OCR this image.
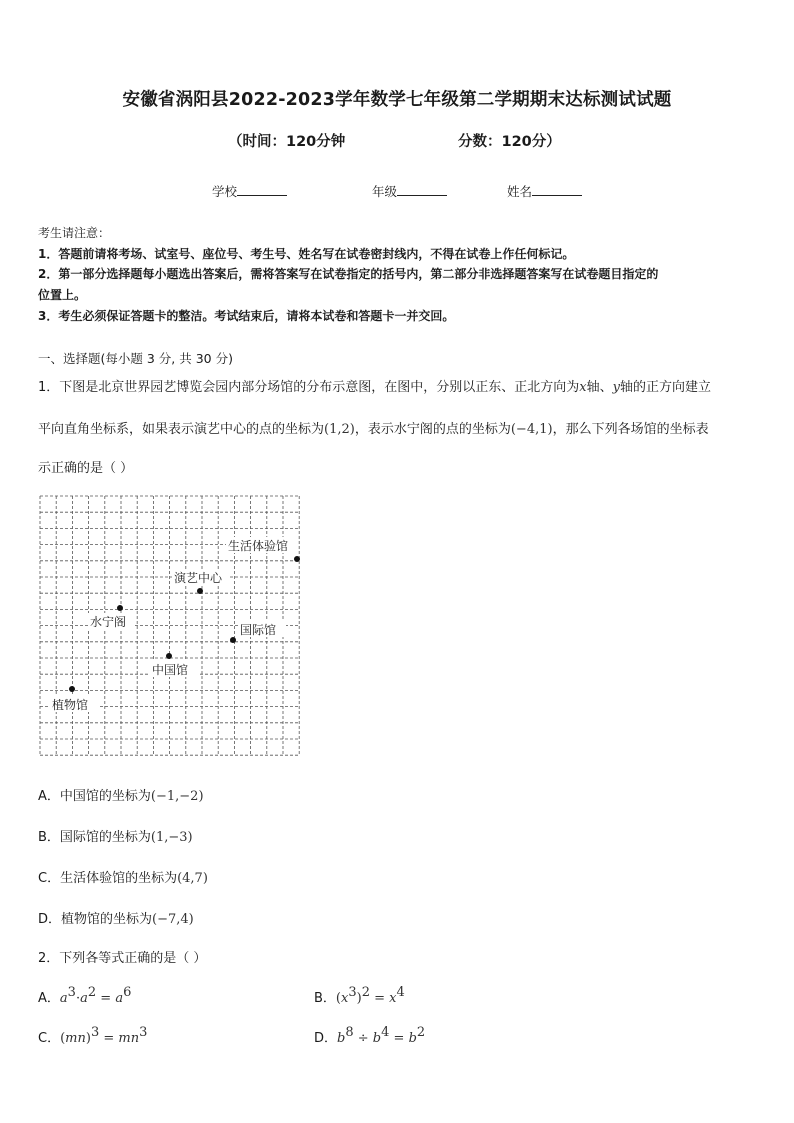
安徽省涡阳县2022-2023学年数学七年级第二学期期末达标测试试题
（时间：120分钟	分数：120分）
学校	年级	姓名
考生请注意：
1．答题前请将考场、试室号、座位号、考生号、姓名写在试卷密封线内，不得在试卷上作任何标记。
2．第一部分选择题每小题选出答案后，需将答案写在试卷指定的括号内，第二部分非选择题答案写在试卷题目指定的
位置上。
3．考生必须保证答题卡的整洁。考试结束后，请将本试卷和答题卡一并交回。
一、选择题(每小题 3 分, 共 30 分)
1．下图是北京世界园艺博览会园内部分场馆的分布示意图，在图中，分别以正东、正北方向为x轴、y轴的正方向建立
平向直角坐标系，如果表示演艺中心的点的坐标为(1,2)，表示水宁阁的点的坐标为(−4,1)，那么下列各场馆的坐标表
示正确的是（ ）
生活体验馆
演艺中心
水宁阁
国际馆
中国馆
植物馆
A．中国馆的坐标为(−1,−2)
B．国际馆的坐标为(1,−3)
C．生活体验馆的坐标为(4,7)
D．植物馆的坐标为(−7,4)
2．下列各等式正确的是（ ）
A．$a^3\cdot a^2 = a^6$	B．$(x^3)^2 = x^4$
C．$(mn)^3 = mn^3$	D．$b^8 \div b^4 = b^2$
